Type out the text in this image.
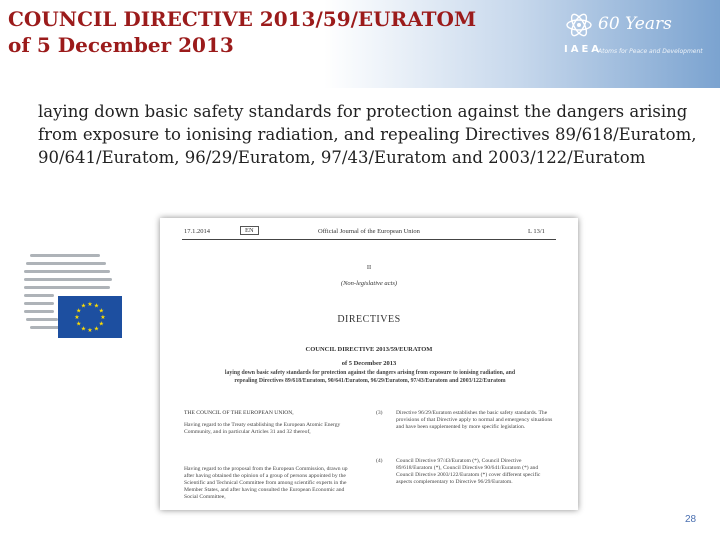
COUNCIL DIRECTIVE 2013/59/EURATOM
of 5 December 2013	IAEA
60 Years
Atoms for Peace and Development
laying down basic safety standards for protection against the dangers arising from exposure to ionising radiation, and repealing Directives 89/618/Euratom, 90/641/Euratom, 96/29/Euratom, 97/43/Euratom and 2003/122/Euratom
★ ★
★
★
★
★
★
★
★
★
★
★
17.1.2014	EN	Official Journal of the European Union	L 13/1
II
(Non-legislative acts)
DIRECTIVES
COUNCIL DIRECTIVE 2013/59/EURATOM
of 5 December 2013
laying down basic safety standards for protection against the dangers arising from exposure to ionising radiation, and repealing Directives 89/618/Euratom, 90/641/Euratom, 96/29/Euratom, 97/43/Euratom and 2003/122/Euratom
THE COUNCIL OF THE EUROPEAN UNION,
Having regard to the Treaty establishing the European Atomic Energy Community, and in particular Articles 31 and 32 thereof,
Having regard to the proposal from the European Commission, drawn up after having obtained the opinion of a group of persons appointed by the Scientific and Technical Committee from among scientific experts in the Member States, and after having consulted the European Economic and Social Committee,
(3)	Directive 96/29/Euratom establishes the basic safety standards. The provisions of that Directive apply to normal and emergency situations and have been supplemented by more specific legislation.
(4)	Council Directive 97/43/Euratom (*), Council Directive 89/618/Euratom (*), Council Directive 90/641/Euratom (*) and Council Directive 2003/122/Euratom (*) cover different specific aspects complementary to Directive 96/29/Euratom.
28
